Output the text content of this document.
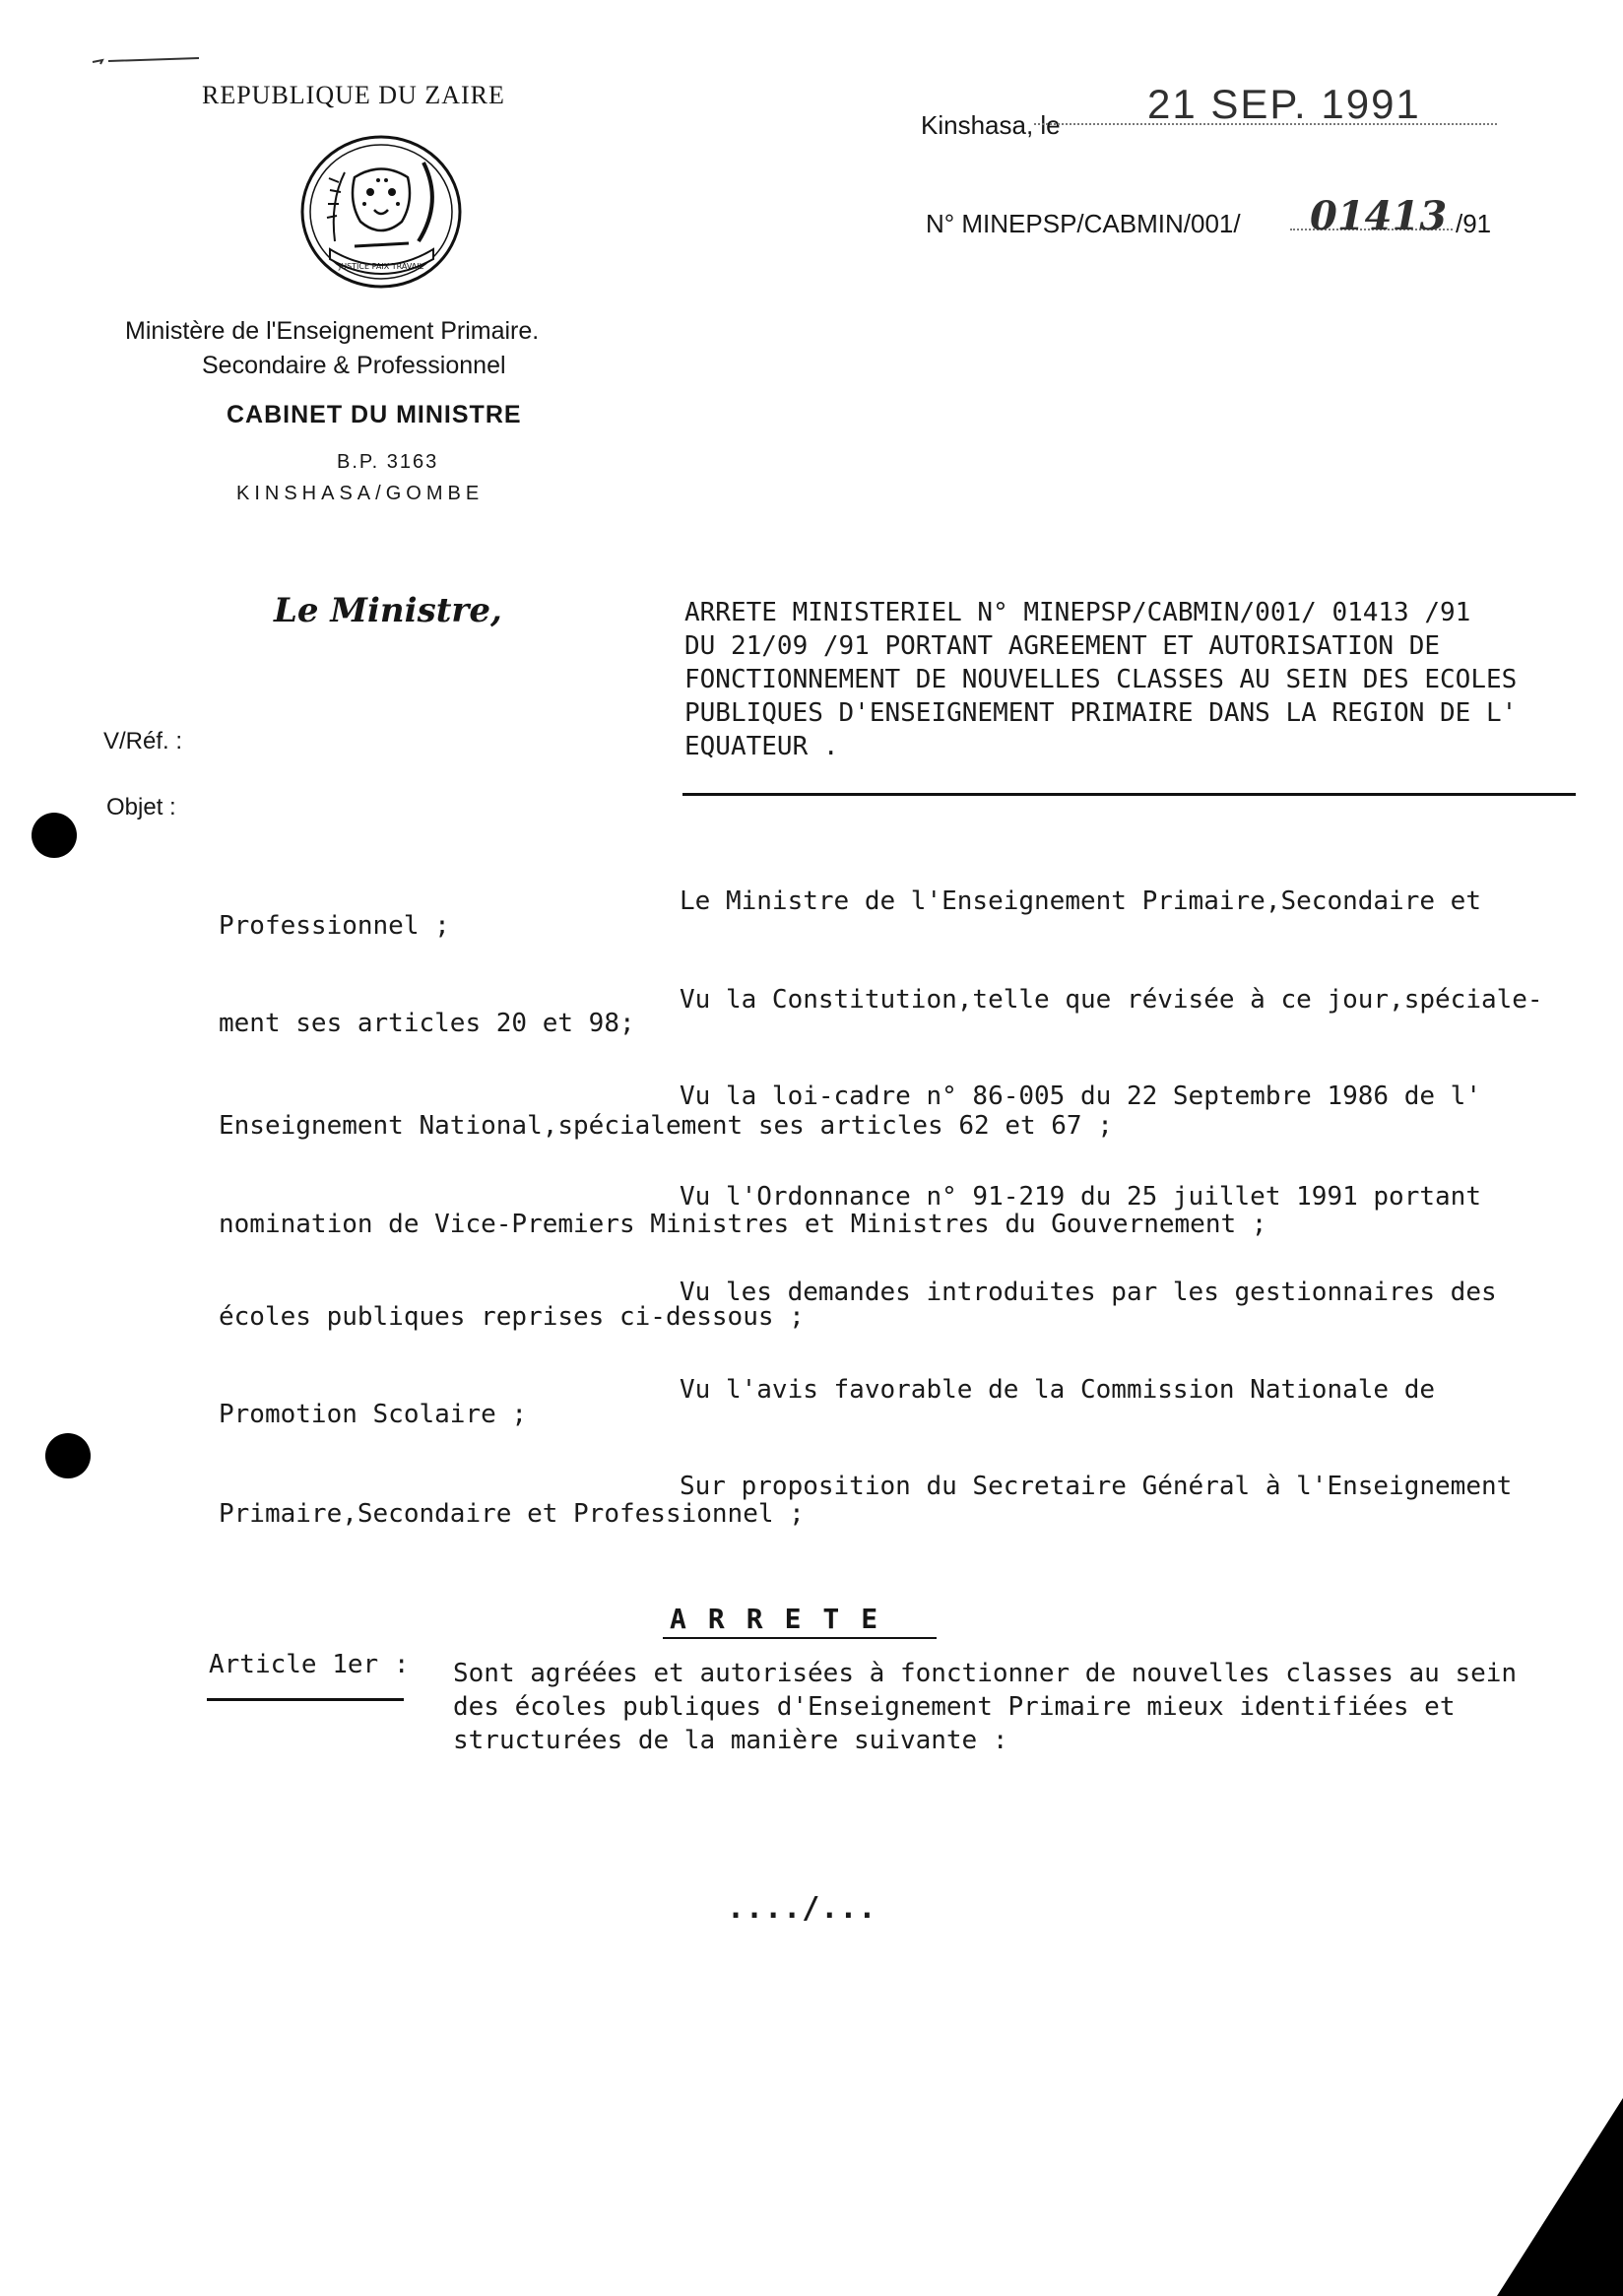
REPUBLIQUE DU ZAIRE
JUSTICE PAIX TRAVAIL
Ministère de l'Enseignement Primaire.
Secondaire & Professionnel
CABINET DU MINISTRE
B.P. 3163
KINSHASA/GOMBE
Kinshasa, le 21 SEP. 1991
N° MINEPSP/CABMIN/001/ 01413 /91
Le Ministre,
V/Réf. :
Objet :
ARRETE MINISTERIEL N° MINEPSP/CABMIN/001/ 01413 /91
DU 21/09 /91 PORTANT AGREEMENT ET AUTORISATION DE
FONCTIONNEMENT DE NOUVELLES CLASSES AU SEIN DES ECOLES
PUBLIQUES D'ENSEIGNEMENT PRIMAIRE DANS LA REGION DE L'
EQUATEUR .
Le Ministre de l'Enseignement Primaire,Secondaire et
Professionnel ;
Vu la Constitution,telle que révisée à ce jour,spéciale-
ment ses articles 20 et 98;
Vu la loi-cadre n° 86-005 du 22 Septembre 1986 de l'
Enseignement National,spécialement ses articles 62 et 67 ;
Vu l'Ordonnance n° 91-219 du 25 juillet 1991 portant
nomination de Vice-Premiers Ministres et Ministres du Gouvernement ;
Vu les demandes introduites par les gestionnaires des
écoles publiques reprises ci-dessous ;
Vu l'avis favorable de la Commission Nationale de
Promotion Scolaire ;
Sur proposition du Secretaire Général à l'Enseignement
Primaire,Secondaire et Professionnel ;
ARRETE
Article 1er : Sont agréées et autorisées à fonctionner de nouvelles classes au sein
des écoles publiques d'Enseignement Primaire mieux identifiées et
structurées de la manière suivante :
..../...
